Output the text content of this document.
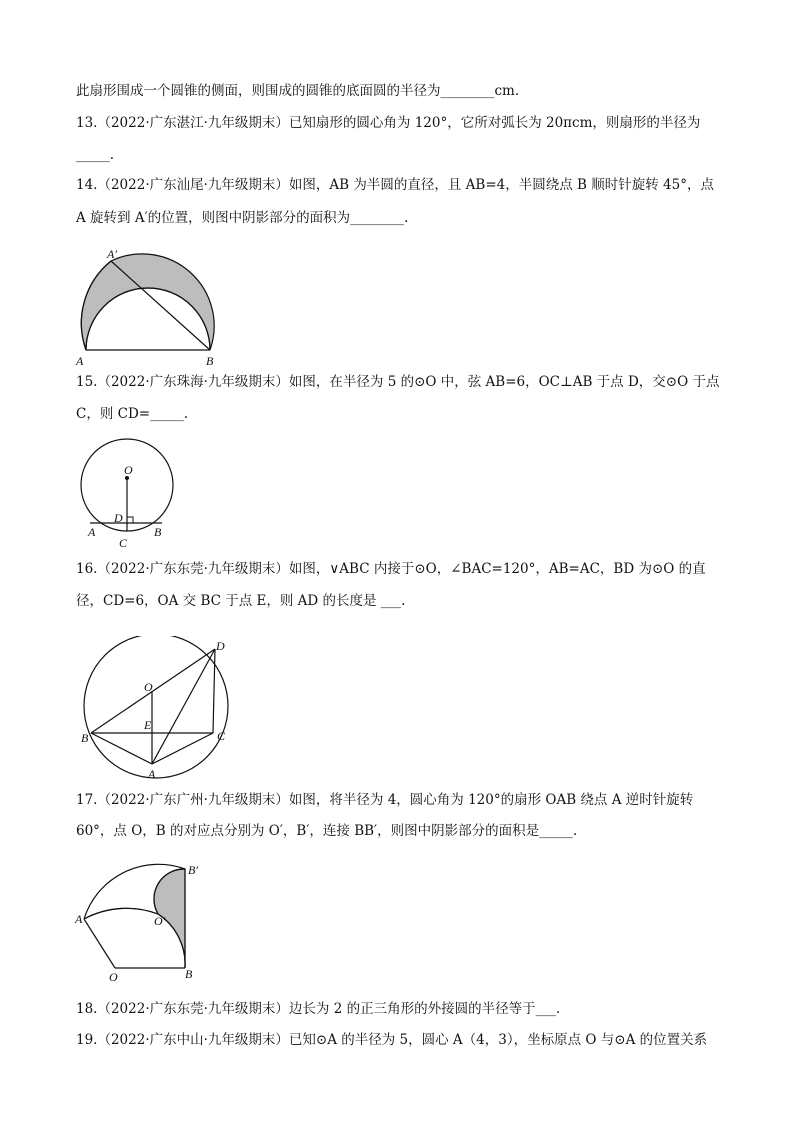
此扇形围成一个圆锥的侧面，则围成的圆锥的底面圆的半径为________cm.
13.（2022·广东湛江·九年级期末）已知扇形的圆心角为 120°，它所对弧长为 20πcm，则扇形的半径为
_____.
14.（2022·广东汕尾·九年级期末）如图，AB 为半圆的直径，且 AB=4，半圆绕点 B 顺时针旋转 45°，点
A 旋转到 A′的位置，则图中阴影部分的面积为________.
15.（2022·广东珠海·九年级期末）如图，在半径为 5 的⊙O 中，弦 AB=6，OC⊥AB 于点 D，交⊙O 于点
C，则 CD=_____.
16.（2022·广东东莞·九年级期末）如图，∨ABC 内接于⊙O，∠BAC=120°，AB=AC，BD 为⊙O 的直
径，CD=6，OA 交 BC 于点 E，则 AD 的长度是 ___.
17.（2022·广东广州·九年级期末）如图，将半径为 4，圆心角为 120°的扇形 OAB 绕点 A 逆时针旋转
60°，点 O，B 的对应点分别为 O′，B′，连接 BB′，则图中阴影部分的面积是_____.
18.（2022·广东东莞·九年级期末）边长为 2 的正三角形的外接圆的半径等于___.
19.（2022·广东中山·九年级期末）已知⊙A 的半径为 5，圆心 A（4，3），坐标原点 O 与⊙A 的位置关系
A
A′
B
O
D
A	B
C
D
O
E
B	C
A
B′
A	O′
O	B
